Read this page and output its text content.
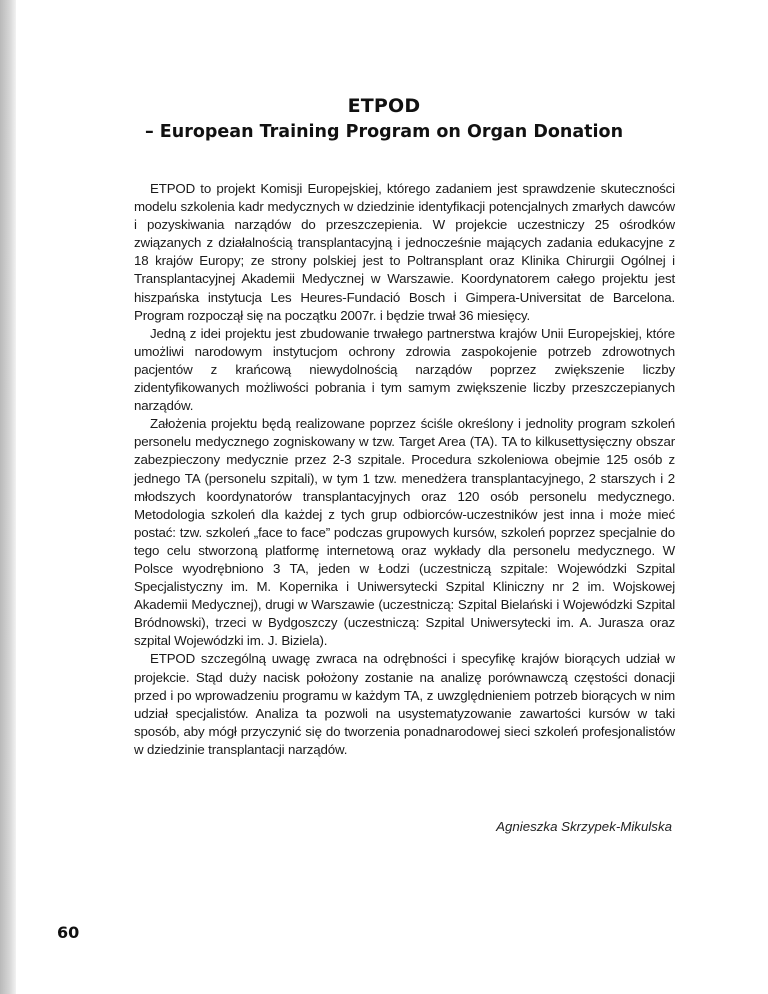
ETPOD
– European Training Program on Organ Donation

ETPOD to projekt Komisji Europejskiej, którego zadaniem jest sprawdzenie skuteczności modelu szkolenia kadr medycznych w dziedzinie identyfikacji potencjalnych zmarłych dawców i pozyskiwania narządów do przeszczepienia. W projekcie uczestniczy 25 ośrodków związanych z działalnością transplantacyjną i jednocześnie mających zadania edukacyjne z 18 krajów Europy; ze strony polskiej jest to Poltransplant oraz Klinika Chirurgii Ogólnej i Transplantacyjnej Akademii Medycznej w Warszawie. Koordynatorem całego projektu jest hiszpańska instytucja Les Heures-Fundació Bosch i Gimpera-Universitat de Barcelona. Program rozpoczął się na początku 2007r. i będzie trwał 36 miesięcy.

Jedną z idei projektu jest zbudowanie trwałego partnerstwa krajów Unii Europejskiej, które umożliwi narodowym instytucjom ochrony zdrowia zaspokojenie potrzeb zdrowotnych pacjentów z krańcową niewydolnością narządów poprzez zwiększenie liczby zidentyfikowanych możliwości pobrania i tym samym zwiększenie liczby przeszczepianych narządów.

Założenia projektu będą realizowane poprzez ściśle określony i jednolity program szkoleń personelu medycznego zogniskowany w tzw. Target Area (TA). TA to kilkusettysięczny obszar zabezpieczony medycznie przez 2-3 szpitale. Procedura szkoleniowa obejmie 125 osób z jednego TA (personelu szpitali), w tym 1 tzw. menedżera transplantacyjnego, 2 starszych i 2 młodszych koordynatorów transplantacyjnych oraz 120 osób personelu medycznego. Metodologia szkoleń dla każdej z tych grup odbiorców-uczestników jest inna i może mieć postać: tzw. szkoleń „face to face” podczas grupowych kursów, szkoleń poprzez specjalnie do tego celu stworzoną platformę internetową oraz wykłady dla personelu medycznego. W Polsce wyodrębniono 3 TA, jeden w Łodzi (uczestniczą szpitale: Wojewódzki Szpital Specjalistyczny im. M. Kopernika i Uniwersytecki Szpital Kliniczny nr 2 im. Wojskowej Akademii Medycznej), drugi w Warszawie (uczestniczą: Szpital Bielański i Wojewódzki Szpital Bródnowski), trzeci w Bydgoszczy (uczestniczą: Szpital Uniwersytecki im. A. Jurasza oraz szpital Wojewódzki im. J. Biziela).

ETPOD szczególną uwagę zwraca na odrębności i specyfikę krajów biorących udział w projekcie. Stąd duży nacisk położony zostanie na analizę porównawczą częstości donacji przed i po wprowadzeniu programu w każdym TA, z uwzględnieniem potrzeb biorących w nim udział specjalistów. Analiza ta pozwoli na usystematyzowanie zawartości kursów w taki sposób, aby mógł przyczynić się do tworzenia ponadnarodowej sieci szkoleń profesjonalistów w dziedzinie transplantacji narządów.

Agnieszka Skrzypek-Mikulska
60
